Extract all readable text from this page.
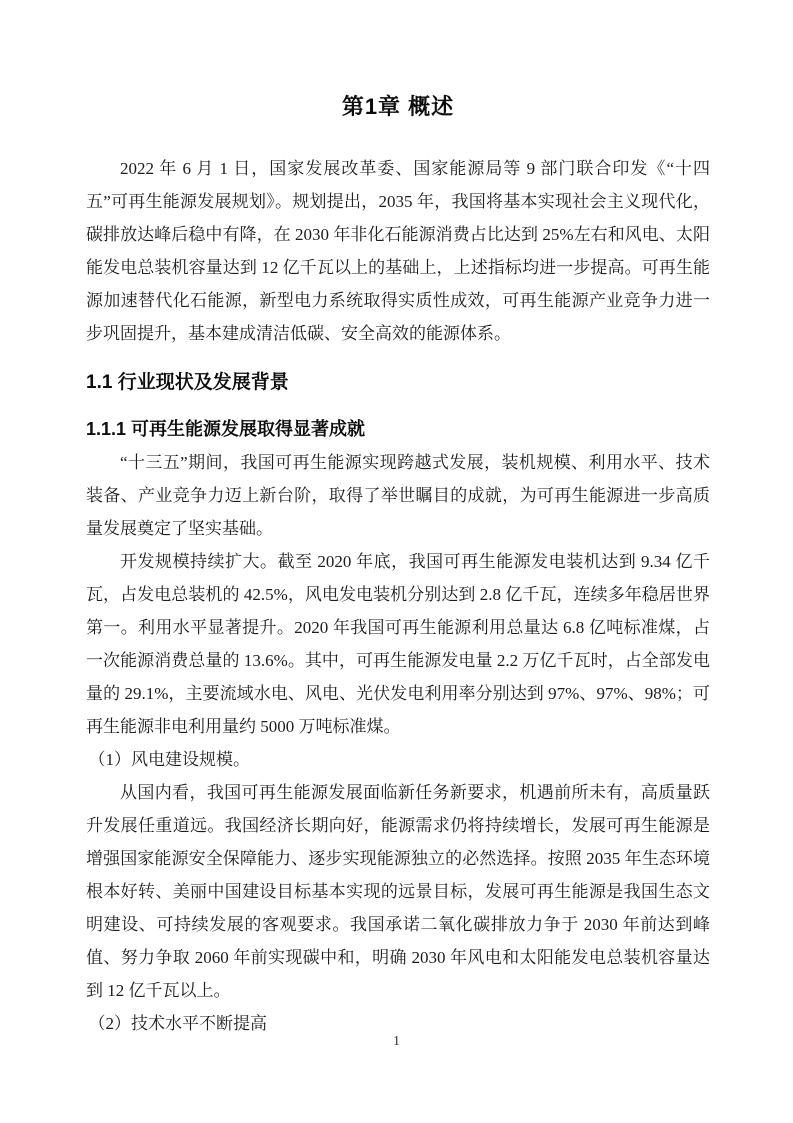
第1章 概述

2022 年 6 月 1 日，国家发展改革委、国家能源局等 9 部门联合印发《“十四五”可再生能源发展规划》。规划提出，2035 年，我国将基本实现社会主义现代化，碳排放达峰后稳中有降，在 2030 年非化石能源消费占比达到 25%左右和风电、太阳能发电总装机容量达到 12 亿千瓦以上的基础上，上述指标均进一步提高。可再生能源加速替代化石能源，新型电力系统取得实质性成效，可再生能源产业竞争力进一步巩固提升，基本建成清洁低碳、安全高效的能源体系。

1.1 行业现状及发展背景
1.1.1 可再生能源发展取得显著成就

“十三五”期间，我国可再生能源实现跨越式发展，装机规模、利用水平、技术装备、产业竞争力迈上新台阶，取得了举世瞩目的成就，为可再生能源进一步高质量发展奠定了坚实基础。

开发规模持续扩大。截至 2020 年底，我国可再生能源发电装机达到 9.34 亿千瓦，占发电总装机的 42.5%，风电发电装机分别达到 2.8 亿千瓦，连续多年稳居世界第一。利用水平显著提升。2020 年我国可再生能源利用总量达 6.8 亿吨标准煤，占一次能源消费总量的 13.6%。其中，可再生能源发电量 2.2 万亿千瓦时，占全部发电量的 29.1%，主要流域水电、风电、光伏发电利用率分别达到 97%、97%、98%；可再生能源非电利用量约 5000 万吨标准煤。

（1）风电建设规模。

从国内看，我国可再生能源发展面临新任务新要求，机遇前所未有，高质量跃升发展任重道远。我国经济长期向好，能源需求仍将持续增长，发展可再生能源是增强国家能源安全保障能力、逐步实现能源独立的必然选择。按照 2035 年生态环境根本好转、美丽中国建设目标基本实现的远景目标，发展可再生能源是我国生态文明建设、可持续发展的客观要求。我国承诺二氧化碳排放力争于 2030 年前达到峰值、努力争取 2060 年前实现碳中和，明确 2030 年风电和太阳能发电总装机容量达到 12 亿千瓦以上。

（2）技术水平不断提高

1
